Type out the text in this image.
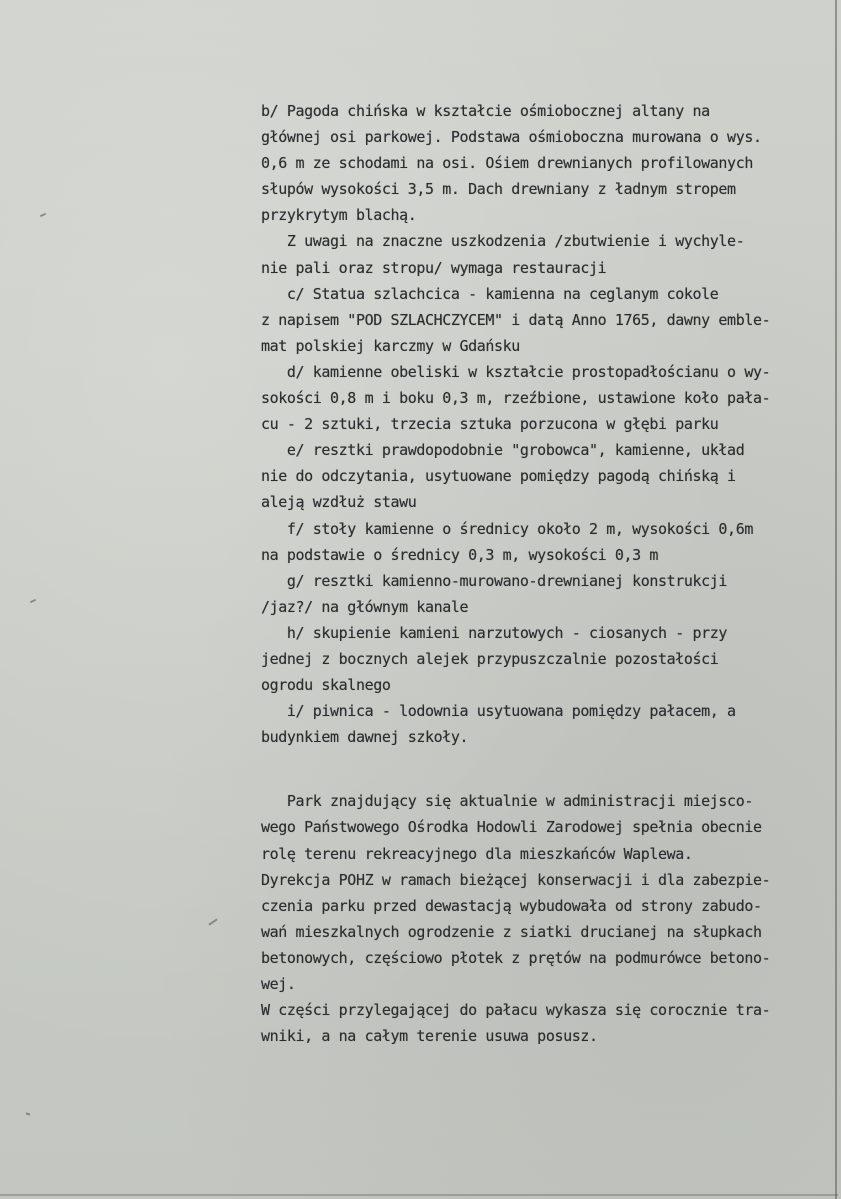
b/ Pagoda chińska w kształcie ośmiobocznej altany na
głównej osi parkowej. Podstawa ośmioboczna murowana o wys.
0,6 m ze schodami na osi. Ośiem drewnianych profilowanych
słupów wysokości 3,5 m. Dach drewniany z ładnym stropem
przykrytym blachą.
Z uwagi na znaczne uszkodzenia /zbutwienie i wychyle-
nie pali oraz stropu/ wymaga restauracji
c/ Statua szlachcica - kamienna na ceglanym cokole
z napisem "POD SZLACHCZYCEM" i datą Anno 1765, dawny emble-
mat polskiej karczmy w Gdańsku
d/ kamienne obeliski w kształcie prostopadłościanu o wy-
sokości 0,8 m i boku 0,3 m, rzeźbione, ustawione koło pała-
cu - 2 sztuki, trzecia sztuka porzucona w głębi parku
e/ resztki prawdopodobnie "grobowca", kamienne, układ
nie do odczytania, usytuowane pomiędzy pagodą chińską i
aleją wzdłuż stawu
f/ stoły kamienne o średnicy około 2 m, wysokości 0,6m
na podstawie o średnicy 0,3 m, wysokości 0,3 m
g/ resztki kamienno-murowano-drewnianej konstrukcji
/jaz?/ na głównym kanale
h/ skupienie kamieni narzutowych - ciosanych - przy
jednej z bocznych alejek przypuszczalnie pozostałości
ogrodu skalnego
i/ piwnica - lodownia usytuowana pomiędzy pałacem, a
budynkiem dawnej szkoły.
Park znajdujący się aktualnie w administracji miejsco-
wego Państwowego Ośrodka Hodowli Zarodowej spełnia obecnie
rolę terenu rekreacyjnego dla mieszkańców Waplewa.
Dyrekcja POHZ w ramach bieżącej konserwacji i dla zabezpie-
czenia parku przed dewastacją wybudowała od strony zabudo-
wań mieszkalnych ogrodzenie z siatki drucianej na słupkach
betonowych, częściowo płotek z prętów na podmurówce betono-
wej.
W części przylegającej do pałacu wykasza się corocznie tra-
wniki, a na całym terenie usuwa posusz.
